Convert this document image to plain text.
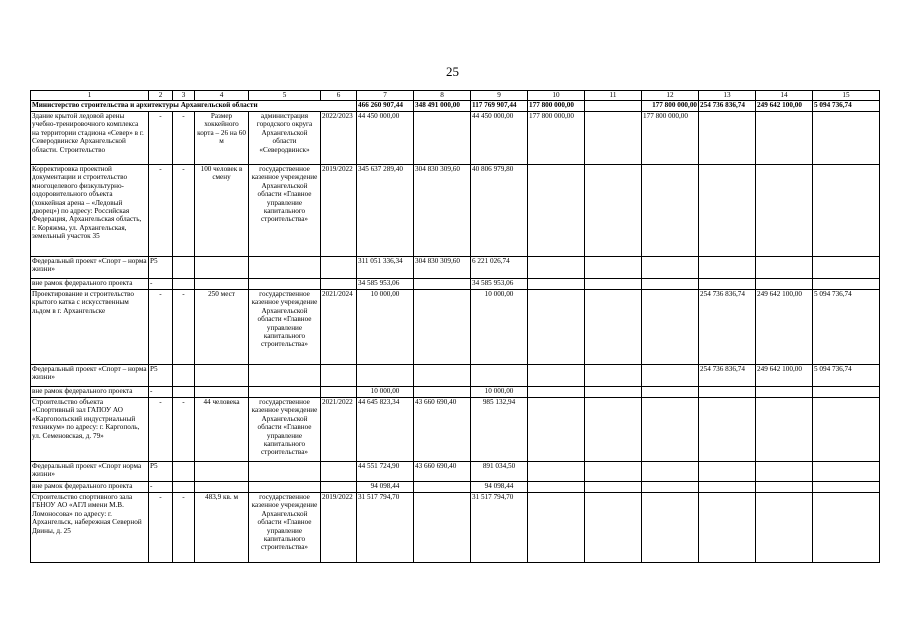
25
1	2	3	4	5	6	7	8	9	10	11	12	13	14	15
Министерство строительства и архитектуры Архангельской области						466 260 907,44	348 491 000,00	117 769 907,44	177 800 000,00		177 800 000,00	254 736 836,74	249 642 100,00	5 094 736,74
Здание крытой ледовой арены учебно-тренировочного комплекса на территории стадиона «Север» в г. Северодвинске Архангельской области. Строительство	-	-	Размер хоккейного корта – 26 на 60 м	администрация городского округа Архангельской области «Северодвинск»	2022/2023	44 450 000,00		44 450 000,00	177 800 000,00		177 800 000,00			
Корректировка проектной документации и строительство многоцелевого физкультурно-оздоровительного объекта (хоккейная арена – «Ледовый дворец») по адресу: Российская Федерация, Архангельская область, г. Коряжма, ул. Архангельская, земельный участок 35	-	-	100 человек в смену	государственное казенное учреждение Архангельской области «Главное управление капитального строительства»	2019/2022	345 637 289,40	304 830 309,60	40 806 979,80						
Федеральный проект «Спорт – норма жизни»	P5					311 051 336,34	304 830 309,60	6 221 026,74						
вне рамок федерального проекта	-					34 585 953,06		34 585 953,06						
Проектирование и строительство крытого катка с искусственным льдом в г. Архангельске	-	-	250 мест	государственное казенное учреждение Архангельской области «Главное управление капитального строительства»	2021/2024	10 000,00		10 000,00				254 736 836,74	249 642 100,00	5 094 736,74
Федеральный проект «Спорт – норма жизни»	P5											254 736 836,74	249 642 100,00	5 094 736,74
вне рамок федерального проекта	-					10 000,00		10 000,00						
Строительство объекта «Спортивный зал ГАПОУ АО «Каргопольский индустриальный техникум» по адресу: г. Каргополь, ул. Семеновская, д. 79»	-	-	44 человека	государственное казенное учреждение Архангельской области «Главное управление капитального строительства»	2021/2022	44 645 823,34	43 660 690,40	985 132,94						
Федеральный проект «Спорт норма жизни»	P5					44 551 724,90	43 660 690,40	891 034,50						
вне рамок федерального проекта	-					94 098,44		94 098,44						
Строительство спортивного зала ГБНОУ АО «АГЛ имени М.В. Ломоносова» по адресу: г. Архангельск, набережная Северной Двины, д. 25	-	-	483,9 кв. м	государственное казенное учреждение Архангельской области «Главное управление капитального строительства»	2019/2022	31 517 794,70		31 517 794,70						
